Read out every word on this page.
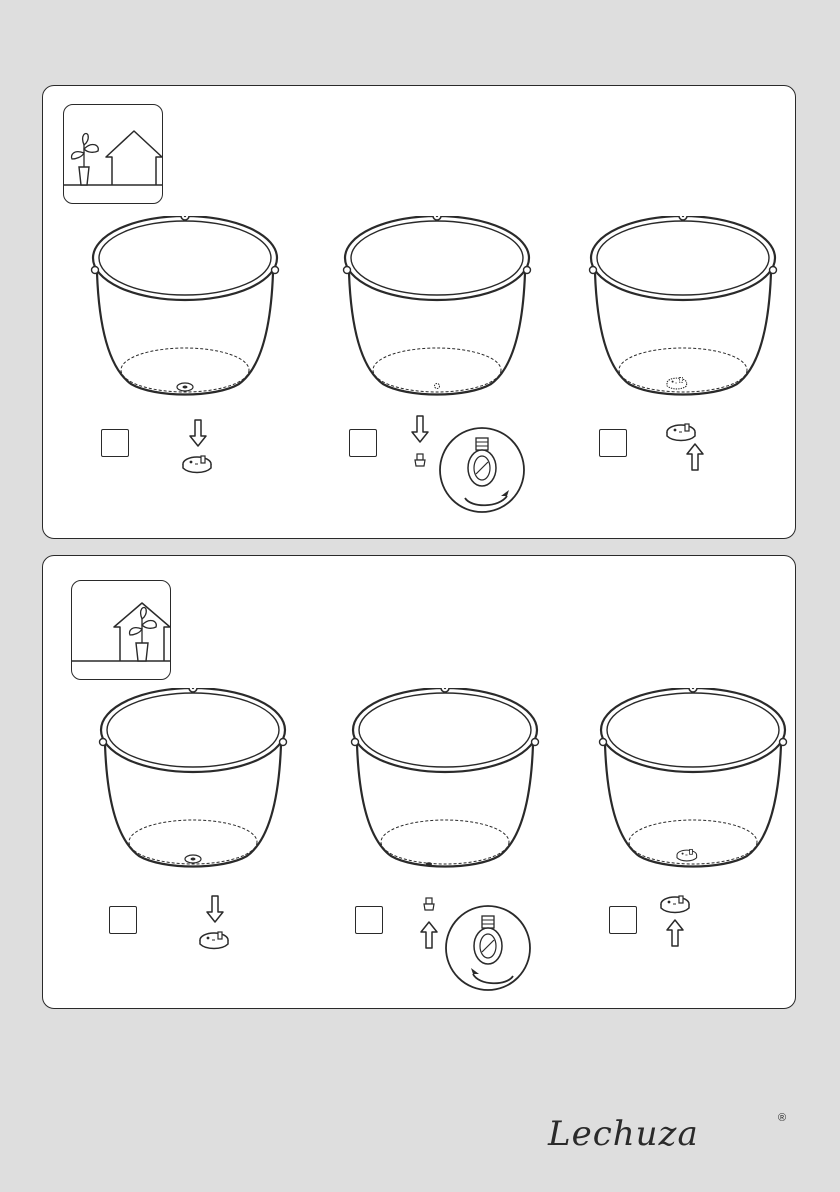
Lechuza	®
